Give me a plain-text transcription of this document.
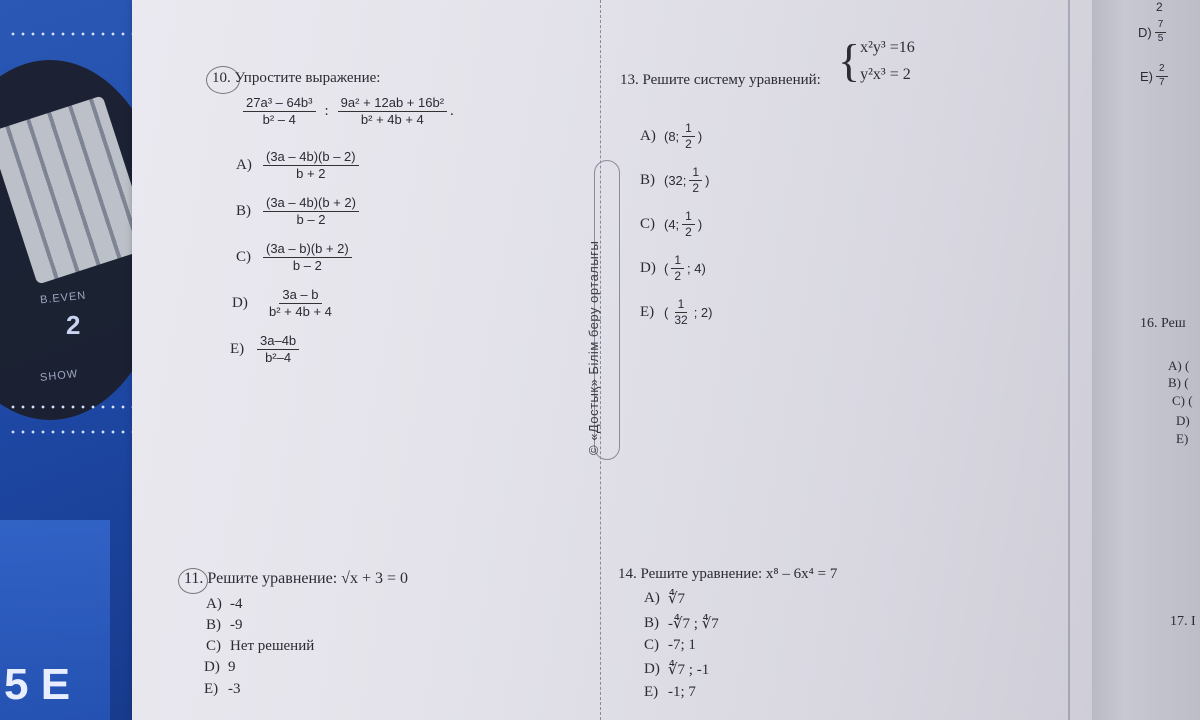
B.EVEN
2
SHOW
5 E
© «Достық» Білім беру орталығы
10. Упростите выражение:
$\frac{\text{27a³ – 64b³}}{\text{b² – 4}}$ : $\frac{\text{9a² + 12ab + 16b²}}{\text{b² + 4b + 4}}$ .
$A) \frac{(3a - 4b)(b - 2)}{b + 2}$
$B) \frac{(3a - 4b)(b + 2)}{b - 2}$
$C) \frac{(3a - b)(b + 2)}{b - 2}$
D)	$\frac{3a - b}{\text{b² + 4b + 4}}$
$E) \frac{3a-4b}{\text{b²–4}}$
11. Решите уравнение: √x + 3 = 0
A) -4
B) -9
C) Нет решений
D) 9
E) -3
13. Решите систему уравнений: { x²y³ =16
y²x³ = 2
A) (8; $\frac{1}{2}$ )
B) (32; $\frac{1}{2}$ )
C) (4; $\frac{1}{2}$ )
D) ( $\frac{1}{2}$ ; 4)
E) ( $\frac{1}{32}$ ; 2)
14. Решите уравнение: x⁸ – 6x⁴ = 7
A) ∜7
B) -∜7 ; ∜7
C) -7; 1
D) ∜7 ; -1
E) -1; 7
2
$D) \frac{7}{5}$
$E) \frac{2}{7}$
16. Реш
A) (
B) (
C) (
D)
E)
17. I
